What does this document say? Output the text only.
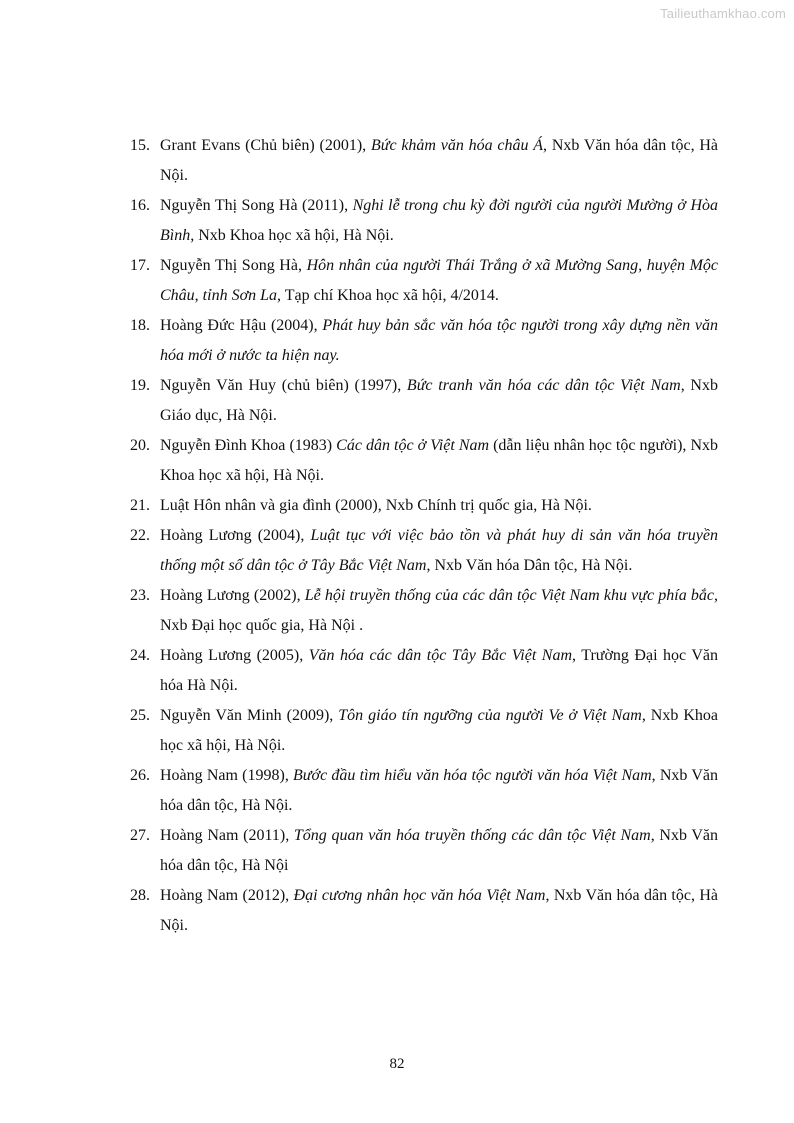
Tailieuthamkhao.com
15. Grant Evans (Chủ biên) (2001), Bức khảm văn hóa châu Á, Nxb Văn hóa dân tộc, Hà Nội.
16. Nguyễn Thị Song Hà (2011), Nghi lễ trong chu kỳ đời người của người Mường ở Hòa Bình, Nxb Khoa học xã hội, Hà Nội.
17. Nguyễn Thị Song Hà, Hôn nhân của người Thái Trắng ở xã Mường Sang, huyện Mộc Châu, tỉnh Sơn La, Tạp chí Khoa học xã hội, 4/2014.
18. Hoàng Đức Hậu (2004), Phát huy bản sắc văn hóa tộc người trong xây dựng nền văn hóa mới ở nước ta hiện nay.
19. Nguyễn Văn Huy (chủ biên) (1997), Bức tranh văn hóa các dân tộc Việt Nam, Nxb Giáo dục, Hà Nội.
20. Nguyễn Đình Khoa (1983) Các dân tộc ở Việt Nam (dẫn liệu nhân học tộc người), Nxb Khoa học xã hội, Hà Nội.
21. Luật Hôn nhân và gia đình (2000), Nxb Chính trị quốc gia, Hà Nội.
22. Hoàng Lương (2004), Luật tục với việc bảo tồn và phát huy di sản văn hóa truyền thống một số dân tộc ở Tây Bắc Việt Nam, Nxb Văn hóa Dân tộc, Hà Nội.
23. Hoàng Lương (2002), Lễ hội truyền thống của các dân tộc Việt Nam khu vực phía bắc, Nxb Đại học quốc gia, Hà Nội .
24. Hoàng Lương (2005), Văn hóa các dân tộc Tây Bắc Việt Nam, Trường Đại học Văn hóa Hà Nội.
25. Nguyễn Văn Minh (2009), Tôn giáo tín ngưỡng của người Ve ở Việt Nam, Nxb Khoa học xã hội, Hà Nội.
26. Hoàng Nam (1998), Bước đầu tìm hiểu văn hóa tộc người văn hóa Việt Nam, Nxb Văn hóa dân tộc, Hà Nội.
27. Hoàng Nam (2011), Tổng quan văn hóa truyền thống các dân tộc Việt Nam, Nxb Văn hóa dân tộc, Hà Nội
28. Hoàng Nam (2012), Đại cương nhân học văn hóa Việt Nam, Nxb Văn hóa dân tộc, Hà Nội.
82
